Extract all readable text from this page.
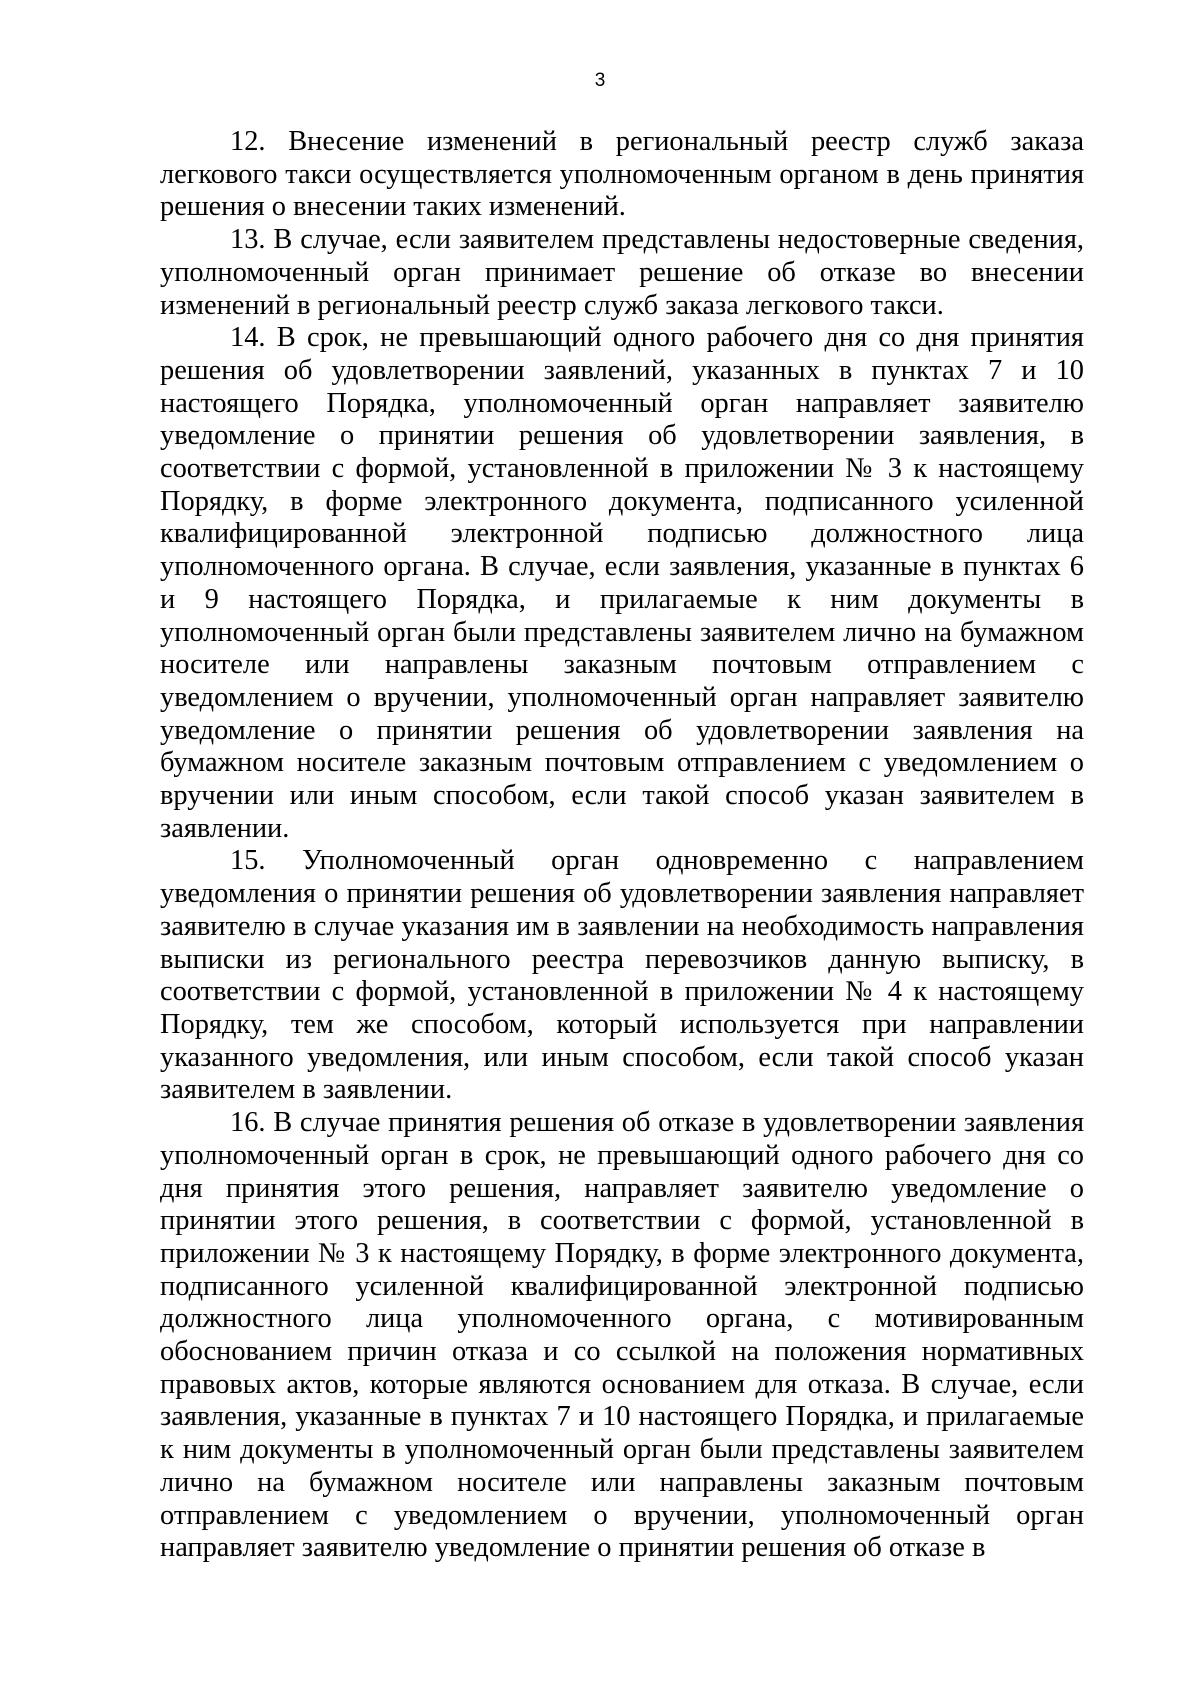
3

12. Внесение изменений в региональный реестр служб заказа легкового такси осуществляется уполномоченным органом в день принятия решения о внесении таких изменений.

13. В случае, если заявителем представлены недостоверные сведения, уполномоченный орган принимает решение об отказе во внесении изменений в региональный реестр служб заказа легкового такси.

14. В срок, не превышающий одного рабочего дня со дня принятия решения об удовлетворении заявлений, указанных в пунктах 7 и 10 настоящего Порядка, уполномоченный орган направляет заявителю уведомление о принятии решения об удовлетворении заявления, в соответствии с формой, установленной в приложении № 3 к настоящему Порядку, в форме электронного документа, подписанного усиленной квалифицированной электронной подписью должностного лица уполномоченного органа. В случае, если заявления, указанные в пунктах 6 и 9 настоящего Порядка, и прилагаемые к ним документы в уполномоченный орган были представлены заявителем лично на бумажном носителе или направлены заказным почтовым отправлением с уведомлением о вручении, уполномоченный орган направляет заявителю уведомление о принятии решения об удовлетворении заявления на бумажном носителе заказным почтовым отправлением с уведомлением о вручении или иным способом, если такой способ указан заявителем в заявлении.

15. Уполномоченный орган одновременно с направлением уведомления о принятии решения об удовлетворении заявления направляет заявителю в случае указания им в заявлении на необходимость направления выписки из регионального реестра перевозчиков данную выписку, в соответствии с формой, установленной в приложении № 4 к настоящему Порядку, тем же способом, который используется при направлении указанного уведомления, или иным способом, если такой способ указан заявителем в заявлении.

16. В случае принятия решения об отказе в удовлетворении заявления уполномоченный орган в срок, не превышающий одного рабочего дня со дня принятия этого решения, направляет заявителю уведомление о принятии этого решения, в соответствии с формой, установленной в приложении № 3 к настоящему Порядку, в форме электронного документа, подписанного усиленной квалифицированной электронной подписью должностного лица уполномоченного органа, с мотивированным обоснованием причин отказа и со ссылкой на положения нормативных правовых актов, которые являются основанием для отказа. В случае, если заявления, указанные в пунктах 7 и 10 настоящего Порядка, и прилагаемые к ним документы в уполномоченный орган были представлены заявителем лично на бумажном носителе или направлены заказным почтовым отправлением с уведомлением о вручении, уполномоченный орган направляет заявителю уведомление о принятии решения об отказе в
